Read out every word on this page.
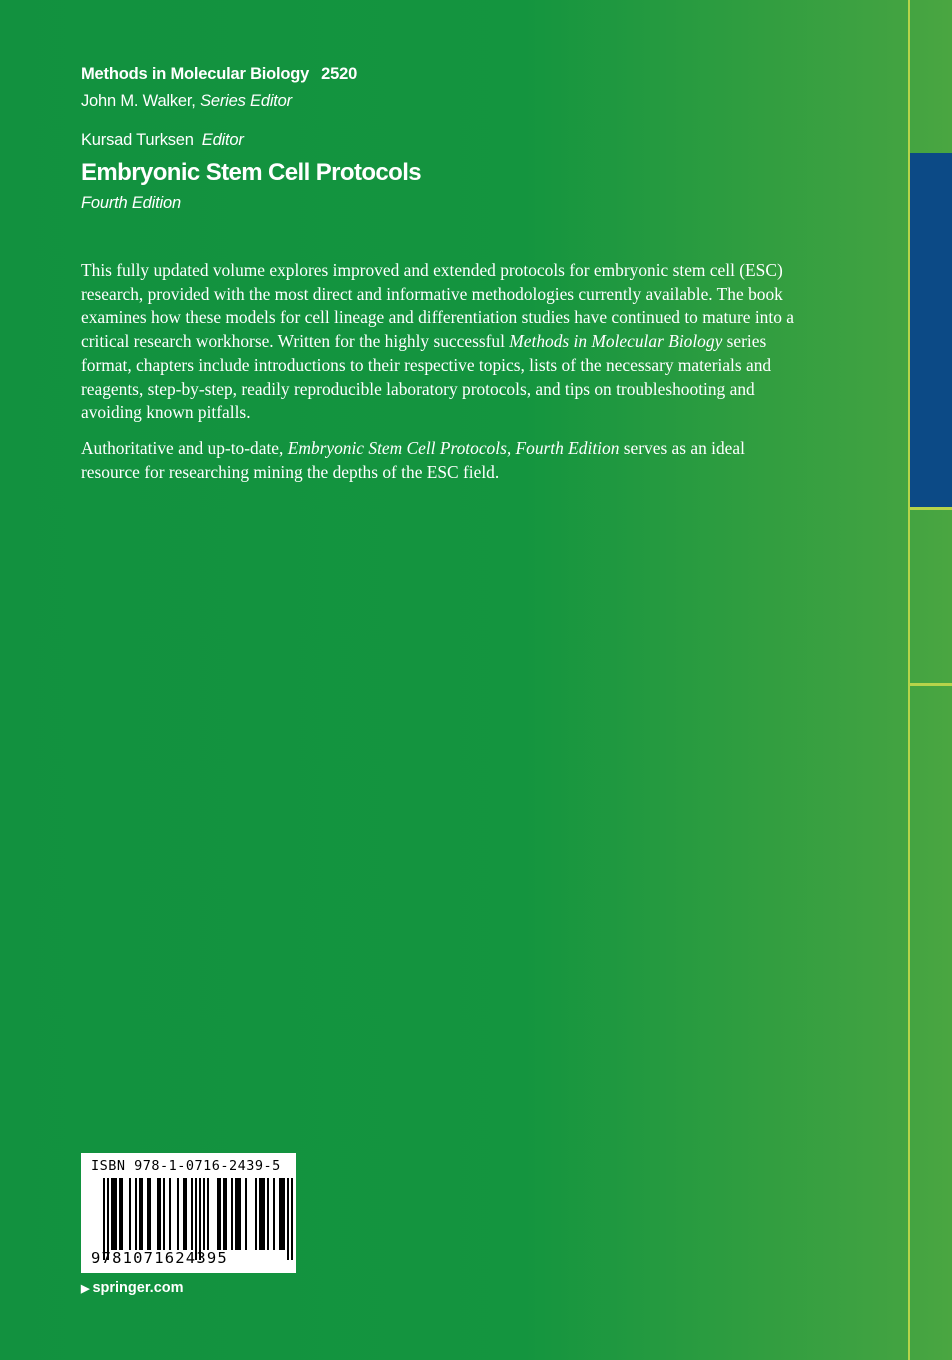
Methods in Molecular Biology 2520
John M. Walker, Series Editor
Kursad Turksen Editor
Embryonic Stem Cell Protocols
Fourth Edition

This fully updated volume explores improved and extended protocols for embryonic stem cell (ESC) research, provided with the most direct and informative methodologies currently available. The book examines how these models for cell lineage and differentiation studies have continued to mature into a critical research workhorse. Written for the highly successful Methods in Molecular Biology series format, chapters include introductions to their respective topics, lists of the necessary materials and reagents, step-by-step, readily reproducible laboratory protocols, and tips on troubleshooting and avoiding known pitfalls.

Authoritative and up-to-date, Embryonic Stem Cell Protocols, Fourth Edition serves as an ideal resource for researching mining the depths of the ESC field.

ISBN 978-1-0716-2439-5
9781071624395
▶ springer.com
